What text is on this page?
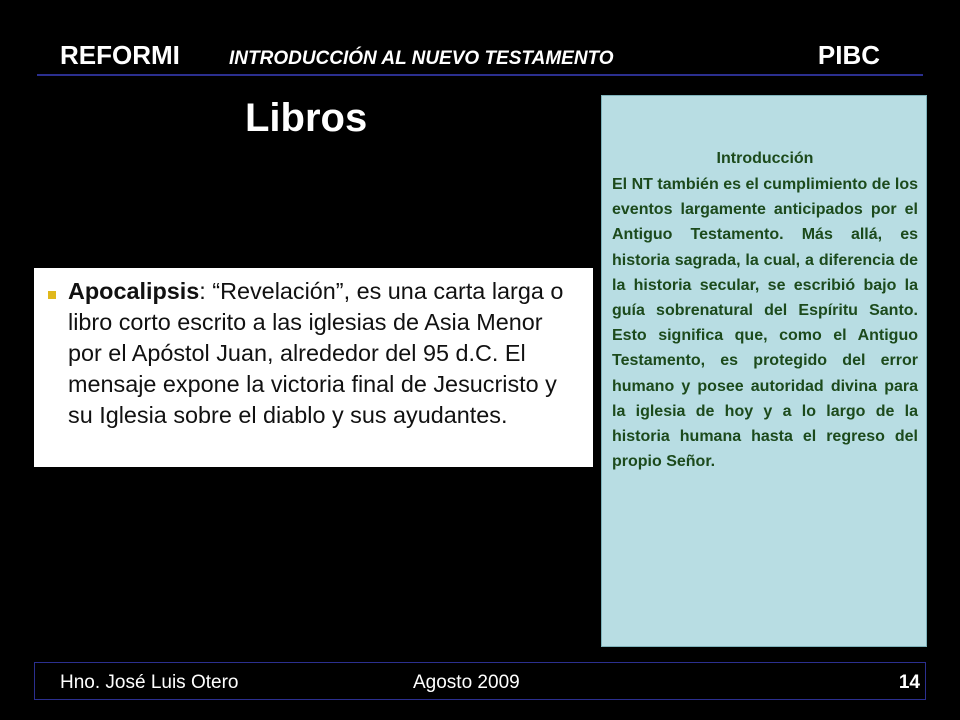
REFORMI	INTRODUCCIÓN AL NUEVO TESTAMENTO	PIBC
Libros
Apocalipsis: “Revelación”, es una carta larga o libro corto escrito a las iglesias de Asia Menor por el Apóstol Juan, alrededor del 95 d.C. El mensaje expone la victoria final de Jesucristo y su Iglesia sobre el diablo y sus ayudantes.
Introducción
El NT también es el cumplimiento de los eventos largamente anticipados por el Antiguo Testamento. Más allá, es historia sagrada, la cual, a diferencia de la historia secular, se escribió bajo la guía sobrenatural del Espíritu Santo. Esto significa que, como el Antiguo Testamento, es protegido del error humano y posee autoridad divina para la iglesia de hoy y a lo largo de la historia humana hasta el regreso del propio Señor.
Hno. José Luis Otero	Agosto 2009	14
